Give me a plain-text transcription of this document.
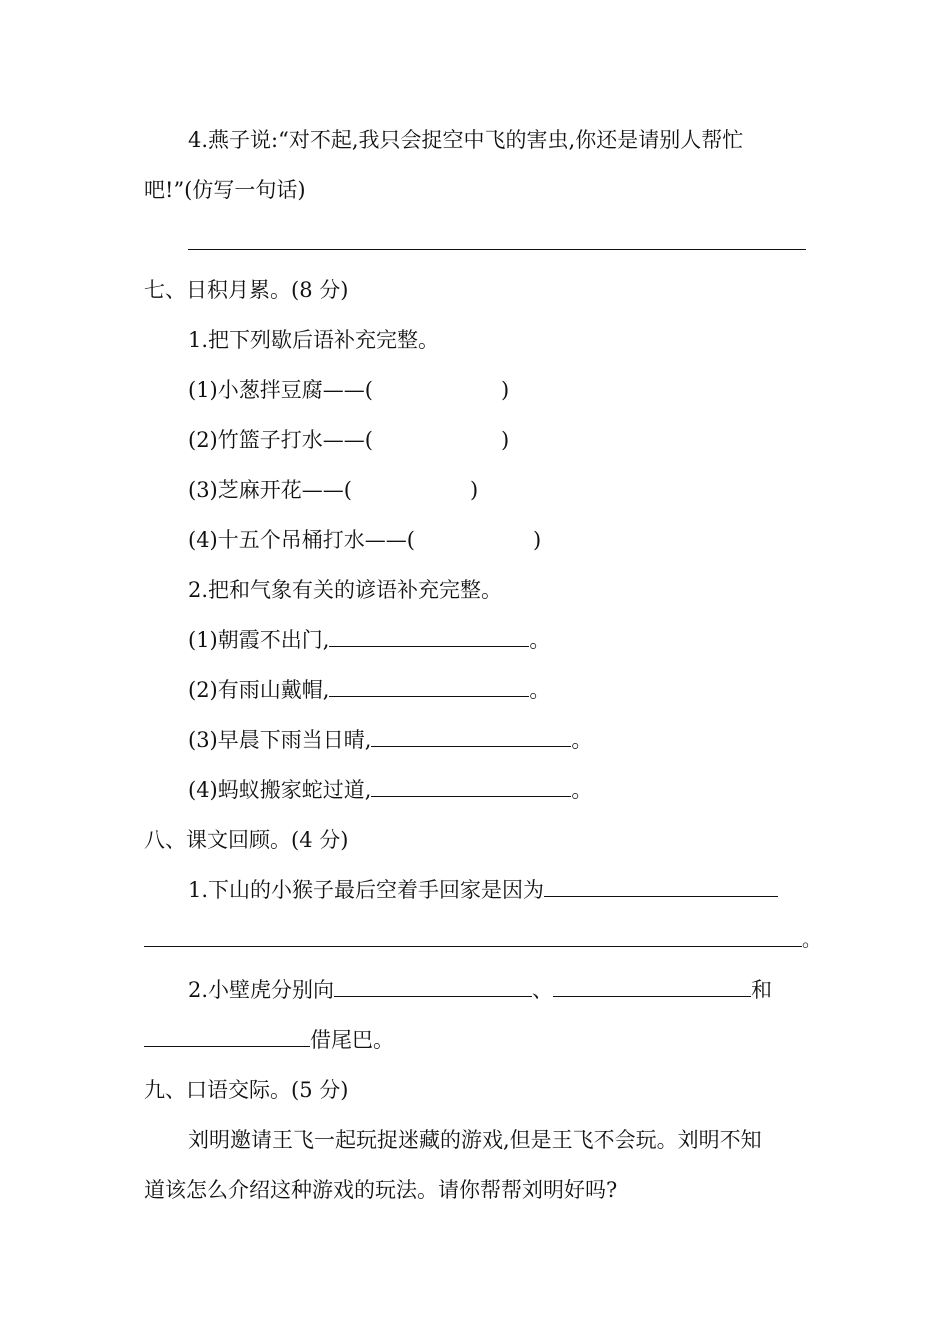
4.燕子说:“对不起,我只会捉空中飞的害虫,你还是请别人帮忙
吧!”(仿写一句话)
七、日积月累。(8 分)
1.把下列歇后语补充完整。
(1)小葱拌豆腐——(	)
(2)竹篮子打水——(	)
(3)芝麻开花——(	)
(4)十五个吊桶打水——(	)
2.把和气象有关的谚语补充完整。
(1)朝霞不出门,	。
(2)有雨山戴帽,	。
(3)早晨下雨当日晴,	。
(4)蚂蚁搬家蛇过道,	。
八、课文回顾。(4 分)
1.下山的小猴子最后空着手回家是因为
。
2.小壁虎分别向	、	和
借尾巴。
九、口语交际。(5 分)
刘明邀请王飞一起玩捉迷藏的游戏,但是王飞不会玩。刘明不知
道该怎么介绍这种游戏的玩法。请你帮帮刘明好吗?
